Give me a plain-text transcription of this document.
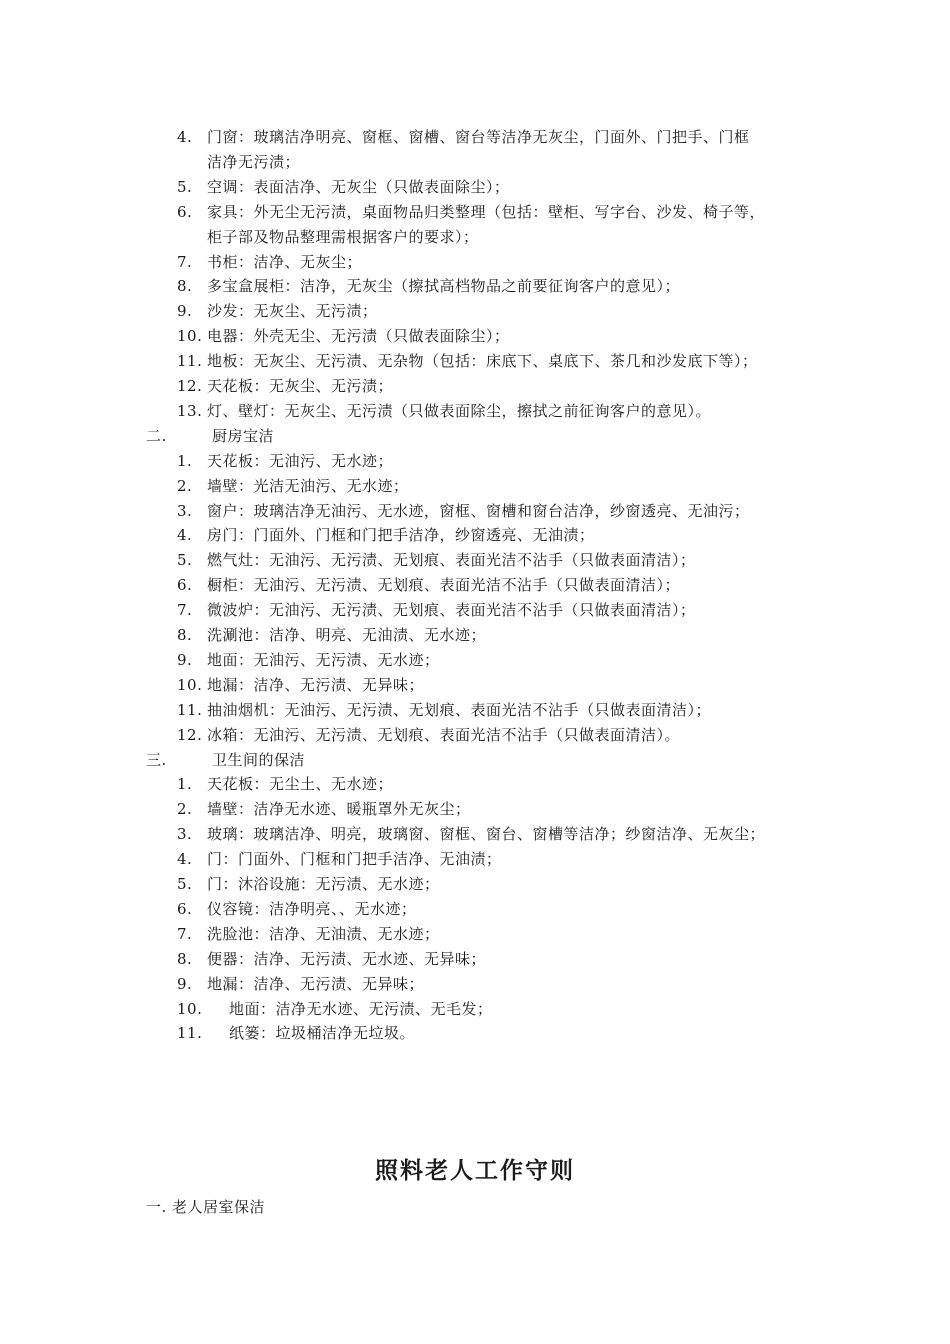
4. 门窗：玻璃洁净明亮、窗框、窗槽、窗台等洁净无灰尘，门面外、门把手、门框
洁净无污渍；
5. 空调：表面洁净、无灰尘（只做表面除尘）；
6. 家具：外无尘无污渍，桌面物品归类整理（包括：壁柜、写字台、沙发、椅子等，
柜子部及物品整理需根据客户的要求）；
7. 书柜：洁净、无灰尘；
8. 多宝盒展柜：洁净，无灰尘（擦拭高档物品之前要征询客户的意见）；
9. 沙发：无灰尘、无污渍；
10. 电器：外壳无尘、无污渍（只做表面除尘）；
11. 地板：无灰尘、无污渍、无杂物（包括：床底下、桌底下、茶几和沙发底下等）；
12. 天花板：无灰尘、无污渍；
13. 灯、壁灯：无灰尘、无污渍（只做表面除尘，擦拭之前征询客户的意见）。
二.	厨房宝洁
1. 天花板：无油污、无水迹；
2. 墙壁：光洁无油污、无水迹；
3. 窗户：玻璃洁净无油污、无水迹，窗框、窗槽和窗台洁净，纱窗透亮、无油污；
4. 房门：门面外、门框和门把手洁净，纱窗透亮、无油渍；
5. 燃气灶：无油污、无污渍、无划痕、表面光洁不沾手（只做表面清洁）；
6. 橱柜：无油污、无污渍、无划痕、表面光洁不沾手（只做表面清洁）；
7. 微波炉：无油污、无污渍、无划痕、表面光洁不沾手（只做表面清洁）；
8. 洗涮池：洁净、明亮、无油渍、无水迹；
9. 地面：无油污、无污渍、无水迹；
10. 地漏：洁净、无污渍、无异味；
11. 抽油烟机：无油污、无污渍、无划痕、表面光洁不沾手（只做表面清洁）；
12. 冰箱：无油污、无污渍、无划痕、表面光洁不沾手（只做表面清洁）。
三.	卫生间的保洁
1. 天花板：无尘土、无水迹；
2. 墙壁：洁净无水迹、暖瓶罩外无灰尘；
3. 玻璃：玻璃洁净、明亮，玻璃窗、窗框、窗台、窗槽等洁净；纱窗洁净、无灰尘；
4. 门：门面外、门框和门把手洁净、无油渍；
5. 门：沐浴设施：无污渍、无水迹；
6. 仪容镜：洁净明亮、、无水迹；
7. 洗脸池：洁净、无油渍、无水迹；
8. 便器：洁净、无污渍、无水迹、无异味；
9. 地漏：洁净、无污渍、无异味；
10. 地面：洁净无水迹、无污渍、无毛发；
11. 纸篓：垃圾桶洁净无垃圾。
照料老人工作守则
一. 老人居室保洁
